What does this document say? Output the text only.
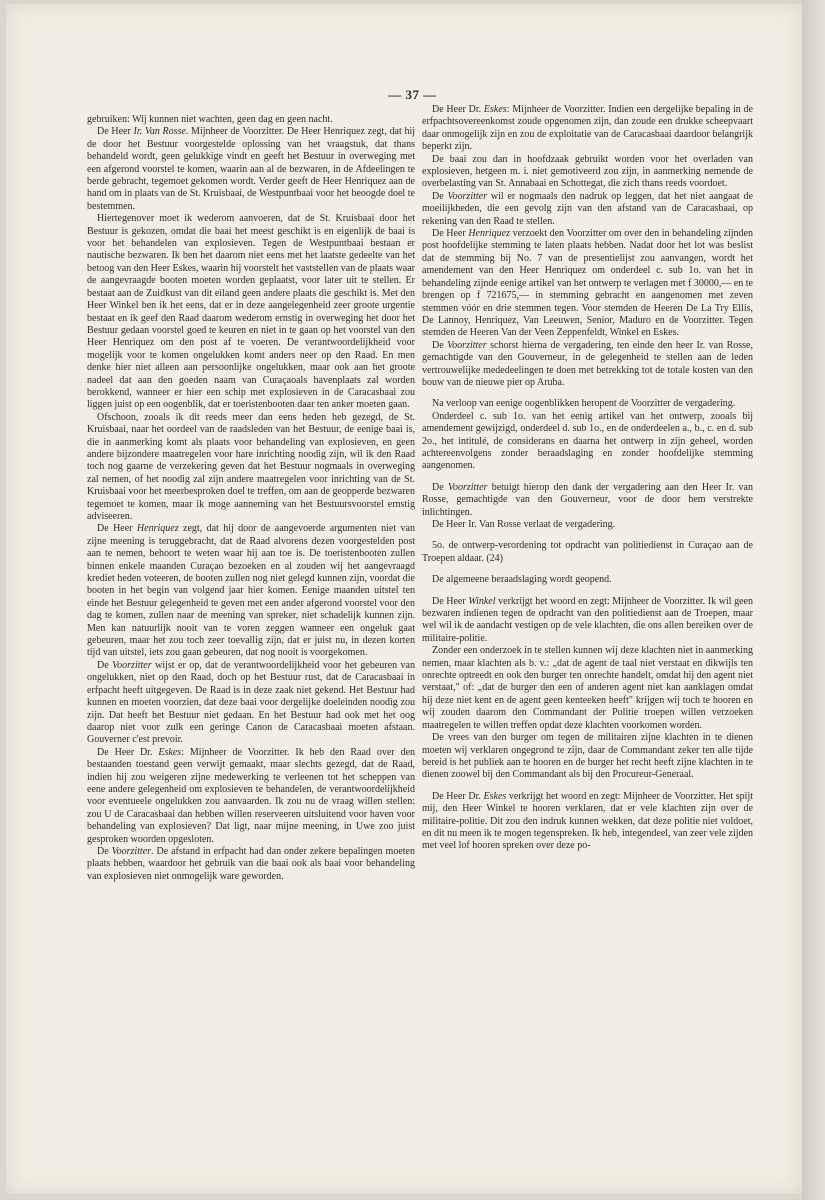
— 37 —

gebruiken: Wij kunnen niet wachten, geen dag en geen nacht.

De Heer Ir. Van Rosse. Mijnheer de Voorzitter. De Heer Henriquez zegt, dat hij de door het Bestuur voorgestelde oplossing van het vraagstuk, dat thans behandeld wordt, geen gelukkige vindt en geeft het Bestuur in overweging met een afgerond voorstel te komen, waarin aan al de bezwaren, in de Afdeelingen te berde gebracht, tegemoet gekomen wordt. Verder geeft de Heer Henriquez aan de hand om in plaats van de St. Kruisbaai, de Westpuntbaai voor het beoogde doel te bestemmen.

Hiertegenover moet ik wederom aanvoeren, dat de St. Kruisbaai door het Bestuur is gekozen, omdat die baai het meest geschikt is en eigenlijk de baai is voor het behandelen van explosieven. Tegen de Westpuntbaai bestaan er nautische bezwaren. Ik ben het daarom niet eens met het laatste gedeelte van het betoog van den Heer Eskes, waarin hij voorstelt het vaststellen van de plaats waar de aangevraagde booten moeten worden geplaatst, voor later uit te stellen. Er bestaat aan de Zuidkust van dit eiland geen andere plaats die geschikt is. Met den Heer Winkel ben ik het eens, dat er in deze aangelegenheid zeer groote urgentie bestaat en ik geef den Raad daarom wederom ernstig in overweging het door het Bestuur gedaan voorstel goed te keuren en niet in te gaan op het voorstel van den Heer Henriquez om den post af te voeren. De verantwoordelijkheid voor mogelijk voor te komen ongelukken komt anders neer op den Raad. En men denke hier niet alleen aan persoonlijke ongelukken, maar ook aan het groote nadeel dat aan den goeden naam van Curaçaoals havenplaats zal worden berokkend, wanneer er hier een schip met explosieven in de Caracasbaai zou liggen juist op een oogenblik, dat er toeristenbooten daar ten anker moeten gaan.

Ofschoon, zooals ik dit reeds meer dan eens heden heb gezegd, de St. Kruisbaai, naar het oordeel van de raadsleden van het Bestuur, de eenige baai is, die in aanmerking komt als plaats voor behandeling van explosieven, en geen andere bijzondere maatregelen voor hare inrichting noodig zijn, wil ik den Raad toch nog gaarne de verzekering geven dat het Bestuur nogmaals in overweging zal nemen, of het noodig zal zijn andere maatregelen voor inrichting van de St. Kruisbaai voor het meerbesproken doel te treffen, om aan de geopperde bezwaren tegemoet te komen, maar ik moge aanneming van het Bestuursvoorstel ernstig adviseeren.

De Heer Henriquez zegt, dat hij door de aangevoerde argumenten niet van zijne meening is teruggebracht, dat de Raad alvorens dezen voorgestelden post aan te nemen, behoort te weten waar hij aan toe is. De toeristenbooten zullen binnen enkele maanden Curaçao bezoeken en al zouden wij het aangevraagd krediet heden voteeren, de booten zullen nog niet gelegd kunnen zijn, voordat die booten in het begin van volgend jaar hier komen. Eenige maanden uitstel ten einde het Bestuur gelegenheid te geven met een ander afgerond voorstel voor den dag te komen, zullen naar de meening van spreker, niet schadelijk kunnen zijn. Men kan natuurlijk nooit van te voren zeggen wanneer een ongeluk gaat gebeuren, maar het zou toch zeer toevallig zijn, dat er juist nu, in dezen korten tijd van uitstel, iets zou gaan gebeuren, dat nog nooit is voorgekomen.

De Voorzitter wijst er op, dat de verantwoordelijkheid voor het gebeuren van ongelukken, niet op den Raad, doch op het Bestuur rust, dat de Caracasbaai in erfpacht heeft uitgegeven. De Raad is in deze zaak niet gekend. Het Bestuur had kunnen en moeten voorzien, dat deze baai voor dergelijke doeleinden noodig zou zijn. Dat heeft het Bestuur niet gedaan. En het Bestuur had ook met het oog daarop niet voor zulk een geringe Canon de Caracasbaai moeten afstaan. Gouverner c'est prevoir.

De Heer Dr. Eskes: Mijnheer de Voorzitter. Ik heb den Raad over den bestaanden toestand geen verwijt gemaakt, maar slechts gezegd, dat de Raad, indien hij zou weigeren zijne medewerking te verleenen tot het scheppen van eene andere gelegenheid om explosieven te behandelen, de verantwoordelijkheid voor eventueele ongelukken zou aanvaarden. Ik zou nu de vraag willen stellen: zou U de Caracasbaai dan hebben willen reserveeren uitsluitend voor haven voor behandeling van explosieven? Dat ligt, naar mijne meening, in Uwe zoo juist gesproken woorden opgesloten.

De Voorzitter. De afstand in erfpacht had dan onder zekere bepalingen moeten plaats hebben, waardoor het gebruik van die baai ook als baai voor behandeling van explosieven niet onmogelijk ware geworden.

De Heer Dr. Eskes: Mijnheer de Voorzitter. Indien een dergelijke bepaling in de erfpachtsovereenkomst zoude opgenomen zijn, dan zoude een drukke scheepvaart daar onmogelijk zijn en zou de exploitatie van de Caracasbaai daardoor belangrijk beperkt zijn.

De baai zou dan in hoofdzaak gebruikt worden voor het overladen van explosieven, hetgeen m. i. niet gemotiveerd zou zijn, in aanmerking nemende de overbelasting van St. Annabaai en Schottegat, die zich thans reeds voordoet.

De Voorzitter wil er nogmaals den nadruk op leggen, dat het niet aangaat de moeilijkheden, die een gevolg zijn van den afstand van de Caracasbaai, op rekening van den Raad te stellen.

De Heer Henriquez verzoekt den Voorzitter om over den in behandeling zijnden post hoofdelijke stemming te laten plaats hebben. Nadat door het lot was beslist dat de stemming bij No. 7 van de presentielijst zou aanvangen, wordt het amendement van den Heer Henriquez om onderdeel c. sub 1o. van het in behandeling zijnde eenige artikel van het ontwerp te verlagen met f 30000,— en te brengen op f 721675,— in stemming gebracht en aangenomen met zeven stemmen vóór en drie stemmen tegen. Voor stemden de Heeren De La Try Ellis, De Lannoy, Henriquez, Van Leeuwen, Senior, Maduro en de Voorzitter. Tegen stemden de Heeren Van der Veen Zeppenfeldt, Winkel en Eskes.

De Voorzitter schorst hierna de vergadering, ten einde den heer Ir. van Rosse, gemachtigde van den Gouverneur, in de gelegenheid te stellen aan de leden vertrouwelijke mededeelingen te doen met betrekking tot de totale kosten van den bouw van de nieuwe pier op Aruba.

Na verloop van eenige oogenblikken heropent de Voorzitter de vergadering.

Onderdeel c. sub 1o. van het eenig artikel van het ontwerp, zooals bij amendement gewijzigd, onderdeel d. sub 1o., en de onderdeelen a., b., c. en d. sub 2o., het intitulé, de considerans en daarna het ontwerp in zijn geheel, worden achtereenvolgens zonder beraadslaging en zonder hoofdelijke stemming aangenomen.

De Voorzitter betuigt hierop den dank der vergadering aan den Heer Ir. van Rosse, gemachtigde van den Gouverneur, voor de door hem verstrekte inlichtingen.

De Heer Ir. Van Rosse verlaat de vergadering.

5o. de ontwerp-verordening tot opdracht van politiedienst in Curaçao aan de Troepen aldaar. (24)

De algemeene beraadslaging wordt geopend.

De Heer Winkel verkrijgt het woord en zegt: Mijnheer de Voorzitter. Ik wil geen bezwaren indienen tegen de opdracht van den politiedienst aan de Troepen, maar wel wil ik de aandacht vestigen op de vele klachten, die ons allen bereiken over de militaire-politie.

Zonder een onderzoek in te stellen kunnen wij deze klachten niet in aanmerking nemen, maar klachten als b. v.: „dat de agent de taal niet verstaat en dikwijls ten onrechte optreedt en ook den burger ten onrechte handelt, omdat hij den agent niet verstaat," of: „dat de burger den een of anderen agent niet kan aanklagen omdat hij deze niet kent en de agent geen kenteeken heeft" krijgen wij toch te hooren en wij zouden daarom den Commandant der Politie troepen willen verzoeken maatregelen te willen treffen opdat deze klachten voorkomen worden.

De vrees van den burger om tegen de militairen zijne klachten in te dienen moeten wij verklaren ongegrond te zijn, daar de Commandant zeker ten alle tijde bereid is het publiek aan te hooren en de burger het recht heeft zijne klachten in te dienen zoowel bij den Commandant als bij den Procureur-Generaal.

De Heer Dr. Eskes verkrijgt het woord en zegt: Mijnheer de Voorzitter. Het spijt mij, den Heer Winkel te hooren verklaren, dat er vele klachten zijn over de militaire-politie. Dit zou den indruk kunnen wekken, dat deze politie niet voldoet, en dit nu meen ik te mogen tegenspreken. Ik heb, integendeel, van zeer vele zijden met veel lof hooren spreken over deze po-
